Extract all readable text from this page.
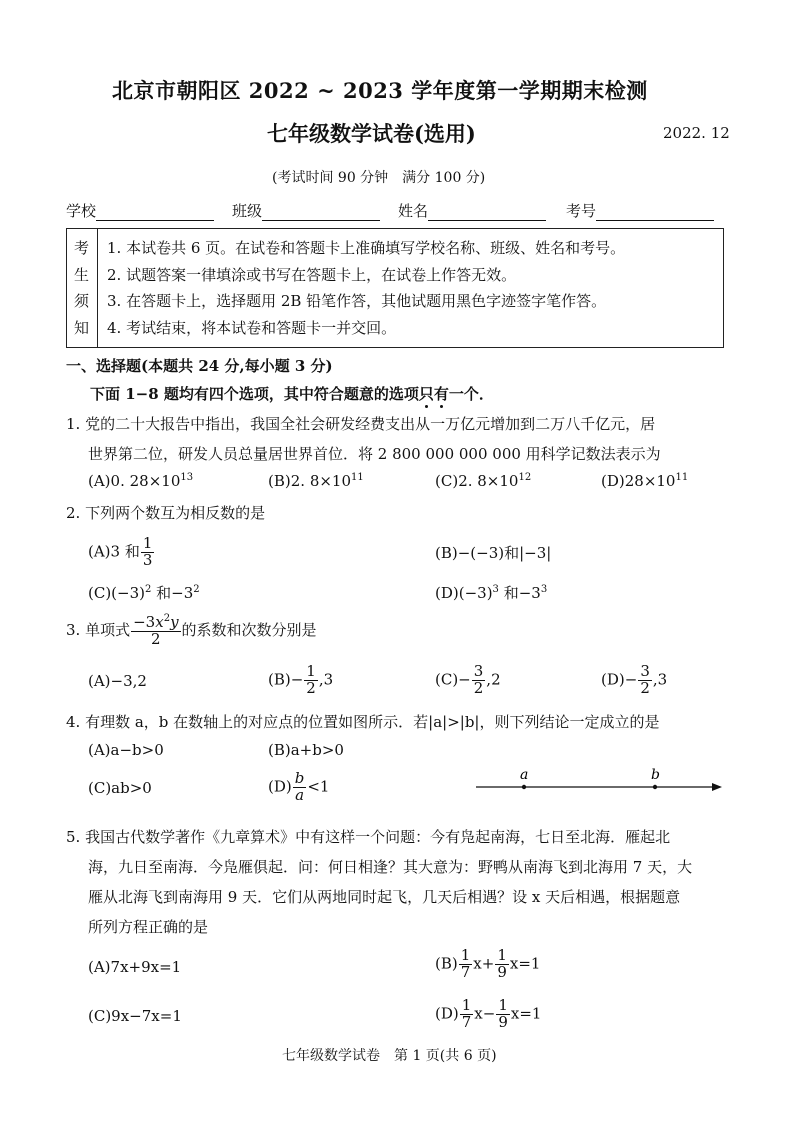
北京市朝阳区 2022 ~ 2023 学年度第一学期期末检测
七年级数学试卷(选用)	2022. 12
(考试时间 90 分钟　满分 100 分)
学校	班级	姓名	考号
考
生
须
知
1. 本试卷共 6 页。在试卷和答题卡上准确填写学校名称、班级、姓名和考号。
2. 试题答案一律填涂或书写在答题卡上，在试卷上作答无效。
3. 在答题卡上，选择题用 2B 铅笔作答，其他试题用黑色字迹签字笔作答。
4. 考试结束，将本试卷和答题卡一并交回。
一、选择题(本题共 24 分,每小题 3 分)
下面 1−8 题均有四个选项，其中符合题意的选项只有一个．
1. 党的二十大报告中指出，我国全社会研发经费支出从一万亿元增加到二万八千亿元，居
世界第二位，研发人员总量居世界首位．将 2 800 000 000 000 用科学记数法表示为
(A)0. $28\times 10^{13}$	(B)2. $8\times 10^{11}$	(C)2. $8\times 10^{12}$	$(D)28\times 10^{11}$
2. 下列两个数互为相反数的是
(A)3 和 $\frac{1}{3}$	(B)−(−3)和|−3|
$(C)(-3)^2$ 和$-3^2$	$(D)(-3)^3$ 和$-3^3$
3. 单项式 $\frac{-3x^2y}{2}$ 的系数和次数分别是
(A)−3,2	$(B)- \frac{1}{2} ,3$	$(C)- \frac{3}{2} ,2$	$(D)- \frac{3}{2} ,3$
4. 有理数 a，b 在数轴上的对应点的位置如图所示．若|a|>|b|，则下列结论一定成立的是
(A)a−b>0	(B)a+b>0
(C)ab>0	$(D) \frac{b}{a} <1$
a	b
5. 我国古代数学著作《九章算术》中有这样一个问题：今有凫起南海，七日至北海．雁起北
海，九日至南海．今凫雁俱起．问：何日相逢？其大意为：野鸭从南海飞到北海用 7 天，大
雁从北海飞到南海用 9 天．它们从两地同时起飞，几天后相遇？设 x 天后相遇，根据题意
所列方程正确的是
(A)7x+9x=1	$(B) \frac{1}{7} x+ \frac{1}{9} x=1$
(C)9x−7x=1	$(D) \frac{1}{7} x- \frac{1}{9} x=1$
七年级数学试卷　第 1 页(共 6 页)
